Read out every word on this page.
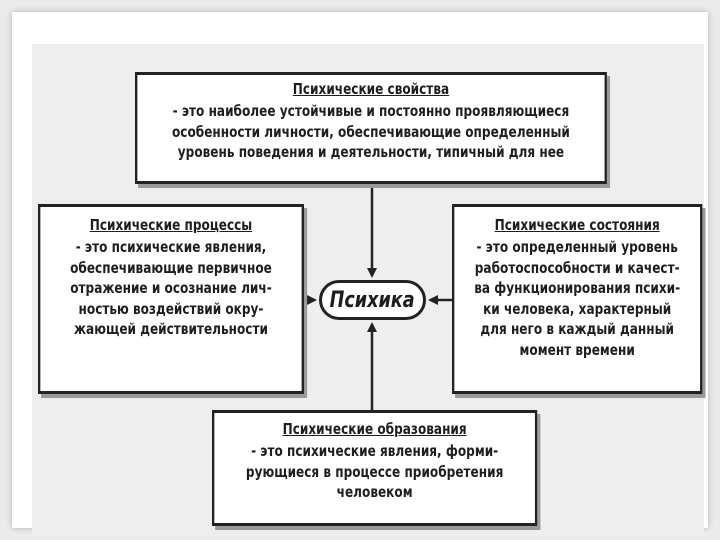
Психические свойства
- это наиболее устойчивые и постоянно проявляющиеся
особенности личности, обеспечивающие определенный
уровень поведения и деятельности, типичный для нее
Психические процессы
- это психические явления,
обеспечивающие первичное
отражение и осознание лич-
ностью воздействий окру-
жающей действительности
Психика
Психические состояния
- это определенный уровень
работоспособности и качест-
ва функционирования психи-
ки человека, характерный
для него в каждый данный
момент времени
Психические образования
- это психические явления, форми-
рующиеся в процессе приобретения
человеком
